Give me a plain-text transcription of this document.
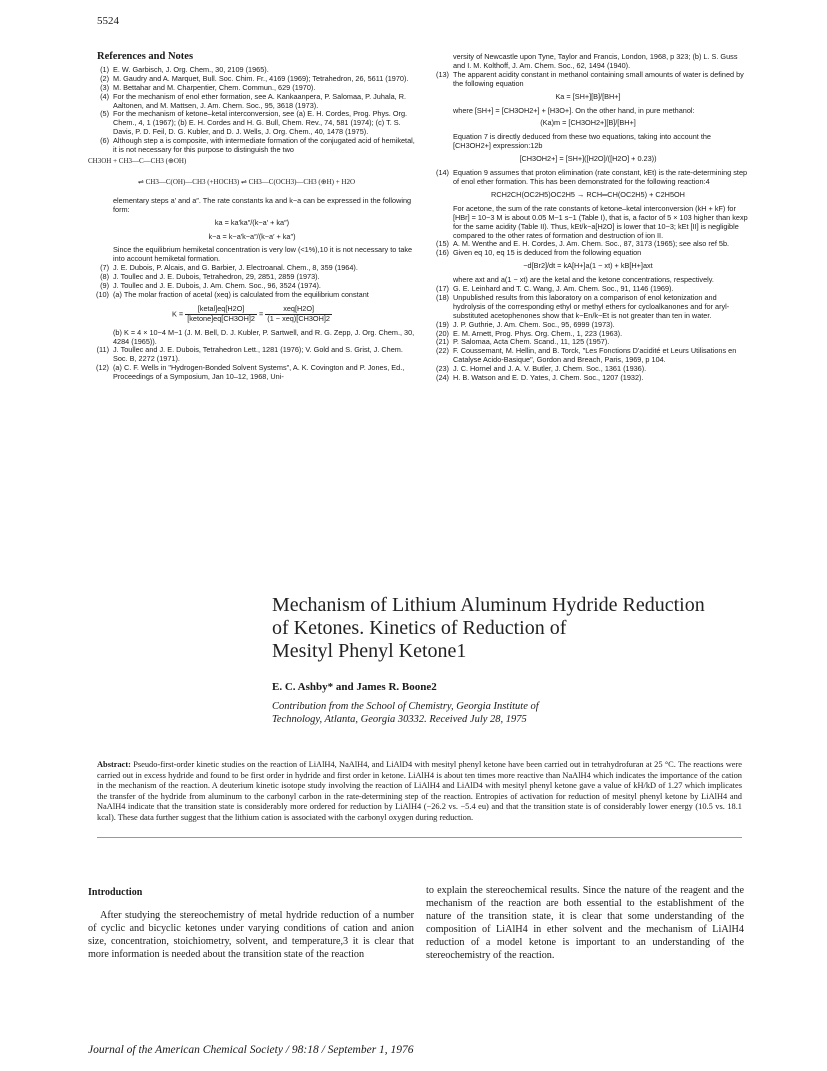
5524
References and Notes
(1) E. W. Garbisch, J. Org. Chem., 30, 2109 (1965).
(2) M. Gaudry and A. Marquet, Bull. Soc. Chim. Fr., 4169 (1969); Tetrahedron, 26, 5611 (1970).
(3) M. Bettahar and M. Charpentier, Chem. Commun., 629 (1970).
(4) For the mechanism of enol ether formation, see A. Kankaanpera, P. Salomaa, P. Juhala, R. Aaltonen, and M. Mattsen, J. Am. Chem. Soc., 95, 3618 (1973).
(5) For the mechanism of ketone–ketal interconversion, see (a) E. H. Cordes, Prog. Phys. Org. Chem., 4, 1 (1967); (b) E. H. Cordes and H. G. Bull, Chem. Rev., 74, 581 (1974); (c) T. S. Davis, P. D. Feil, D. G. Kubler, and D. J. Wells, J. Org. Chem., 40, 1478 (1975).
(6) Although step a is composite, with intermediate formation of the conjugated acid of hemiketal, it is not necessary for this purpose to distinguish the two
CH3OH + CH3—C—CH3 (⊕OH)
⇌ CH3—C(OH)—CH3 (+HOCH3) ⇌ CH3—C(OCH3)—CH3 (⊕H) + H2O
elementary steps a′ and a″. The rate constants ka and k−a can be expressed in the following form:
ka = ka′ka″/(k−a′ + ka″)
k−a = k−a′k−a″/(k−a′ + ka″)
Since the equilibrium hemiketal concentration is very low (<1%),10 it is not necessary to take into account hemiketal formation.
(7) J. E. Dubois, P. Alcais, and G. Barbier, J. Electroanal. Chem., 8, 359 (1964).
(8) J. Toullec and J. E. Dubois, Tetrahedron, 29, 2851, 2859 (1973).
(9) J. Toullec and J. E. Dubois, J. Am. Chem. Soc., 96, 3524 (1974).
(10) (a) The molar fraction of acetal (xeq) is calculated from the equilibrium constant
$K = \frac{\text{[ketal]eq[H2O]}}{\text{[ketone]eq[CH3OH]2}} = \frac{\text{xeq[H2O]}}{\text{(1 − xeq)[CH3OH]2}}$
(b) K = 4 × 10−4 M−1 (J. M. Bell, D. J. Kubler, P. Sartwell, and R. G. Zepp, J. Org. Chem., 30, 4284 (1965)).
(11) J. Toullec and J. E. Dubois, Tetrahedron Lett., 1281 (1976); V. Gold and S. Grist, J. Chem. Soc. B, 2272 (1971).
(12) (a) C. F. Wells in "Hydrogen-Bonded Solvent Systems", A. K. Covington and P. Jones, Ed., Proceedings of a Symposium, Jan 10–12, 1968, Uni-
versity of Newcastle upon Tyne, Taylor and Francis, London, 1968, p 323; (b) L. S. Guss and I. M. Kolthoff, J. Am. Chem. Soc., 62, 1494 (1940).
(13) The apparent acidity constant in methanol containing small amounts of water is defined by the following equation
Ka = [SH+][B]/[BH+]
where [SH+] = [CH3OH2+] + [H3O+]. On the other hand, in pure methanol:
(Ka)m = [CH3OH2+][B]/[BH+]
Equation 7 is directly deduced from these two equations, taking into account the [CH3OH2+] expression:12b
[CH3OH2+] = [SH+]([H2O]/([H2O] + 0.23))
(14) Equation 9 assumes that proton elimination (rate constant, kEt) is the rate-determining step of enol ether formation. This has been demonstrated for the following reaction:4
RCH2CH(OC2H5)OC2H5 → RCH═CH(OC2H5) + C2H5OH
For acetone, the sum of the rate constants of ketone–ketal interconversion (kH + kF) for [HBr] = 10−3 M is about 0.05 M−1 s−1 (Table I), that is, a factor of 5 × 103 higher than kexp for the same acidity (Table II). Thus, kEt/k−a[H2O] is lower that 10−3; kEt [II] is negligible compared to the other rates of formation and destruction of ion II.
(15) A. M. Wenthe and E. H. Cordes, J. Am. Chem. Soc., 87, 3173 (1965); see also ref 5b.
(16) Given eq 10, eq 15 is deduced from the following equation
−d[Br2]/dt = kA[H+]a(1 − xt) + kB[H+]axt
where axt and a(1 − xt) are the ketal and the ketone concentrations, respectively.
(17) G. E. Leinhard and T. C. Wang, J. Am. Chem. Soc., 91, 1146 (1969).
(18) Unpublished results from this laboratory on a comparison of enol ketonization and hydrolysis of the corresponding ethyl or methyl ethers for cycloalkanones and for aryl-substituted acetophenones show that k−En/k−Et is not greater than ten in water.
(19) J. P. Guthrie, J. Am. Chem. Soc., 95, 6999 (1973).
(20) E. M. Arnett, Prog. Phys. Org. Chem., 1, 223 (1963).
(21) P. Salomaa, Acta Chem. Scand., 11, 125 (1957).
(22) F. Coussemant, M. Hellin, and B. Torck, "Les Fonctions D'acidité et Leurs Utilisations en Catalyse Acido-Basique", Gordon and Breach, Paris, 1969, p 104.
(23) J. C. Hornel and J. A. V. Butler, J. Chem. Soc., 1361 (1936).
(24) H. B. Watson and E. D. Yates, J. Chem. Soc., 1207 (1932).
Mechanism of Lithium Aluminum Hydride Reduction
of Ketones. Kinetics of Reduction of
Mesityl Phenyl Ketone1
E. C. Ashby* and James R. Boone2
Contribution from the School of Chemistry, Georgia Institute of
Technology, Atlanta, Georgia 30332. Received July 28, 1975
Abstract: Pseudo-first-order kinetic studies on the reaction of LiAlH4, NaAlH4, and LiAlD4 with mesityl phenyl ketone have been carried out in tetrahydrofuran at 25 °C. The reactions were carried out in excess hydride and found to be first order in hydride and first order in ketone. LiAlH4 is about ten times more reactive than NaAlH4 which indicates the importance of the cation in the mechanism of the reaction. A deuterium kinetic isotope study involving the reaction of LiAlH4 and LiAlD4 with mesityl phenyl ketone gave a value of kH/kD of 1.27 which implicates the transfer of the hydride from aluminum to the carbonyl carbon in the rate-determining step of the reaction. Entropies of activation for reduction of mesityl phenyl ketone by LiAlH4 and NaAlH4 indicate that the transition state is considerably more ordered for reduction by LiAlH4 (−26.2 vs. −5.4 eu) and that the transition state is of considerably lower energy (10.5 vs. 18.1 kcal). These data further suggest that the lithium cation is associated with the carbonyl oxygen during reduction.
Introduction
After studying the stereochemistry of metal hydride reduction of a number of cyclic and bicyclic ketones under varying conditions of cation and anion size, concentration, stoichiometry, solvent, and temperature,3 it is clear that more information is needed about the transition state of the reaction
to explain the stereochemical results. Since the nature of the reagent and the mechanism of the reaction are both essential to the establishment of the nature of the transition state, it is clear that some understanding of the composition of LiAlH4 in ether solvent and the mechanism of LiAlH4 reduction of a model ketone is important to an understanding of the stereochemistry of the reaction.
Journal of the American Chemical Society / 98:18 / September 1, 1976
